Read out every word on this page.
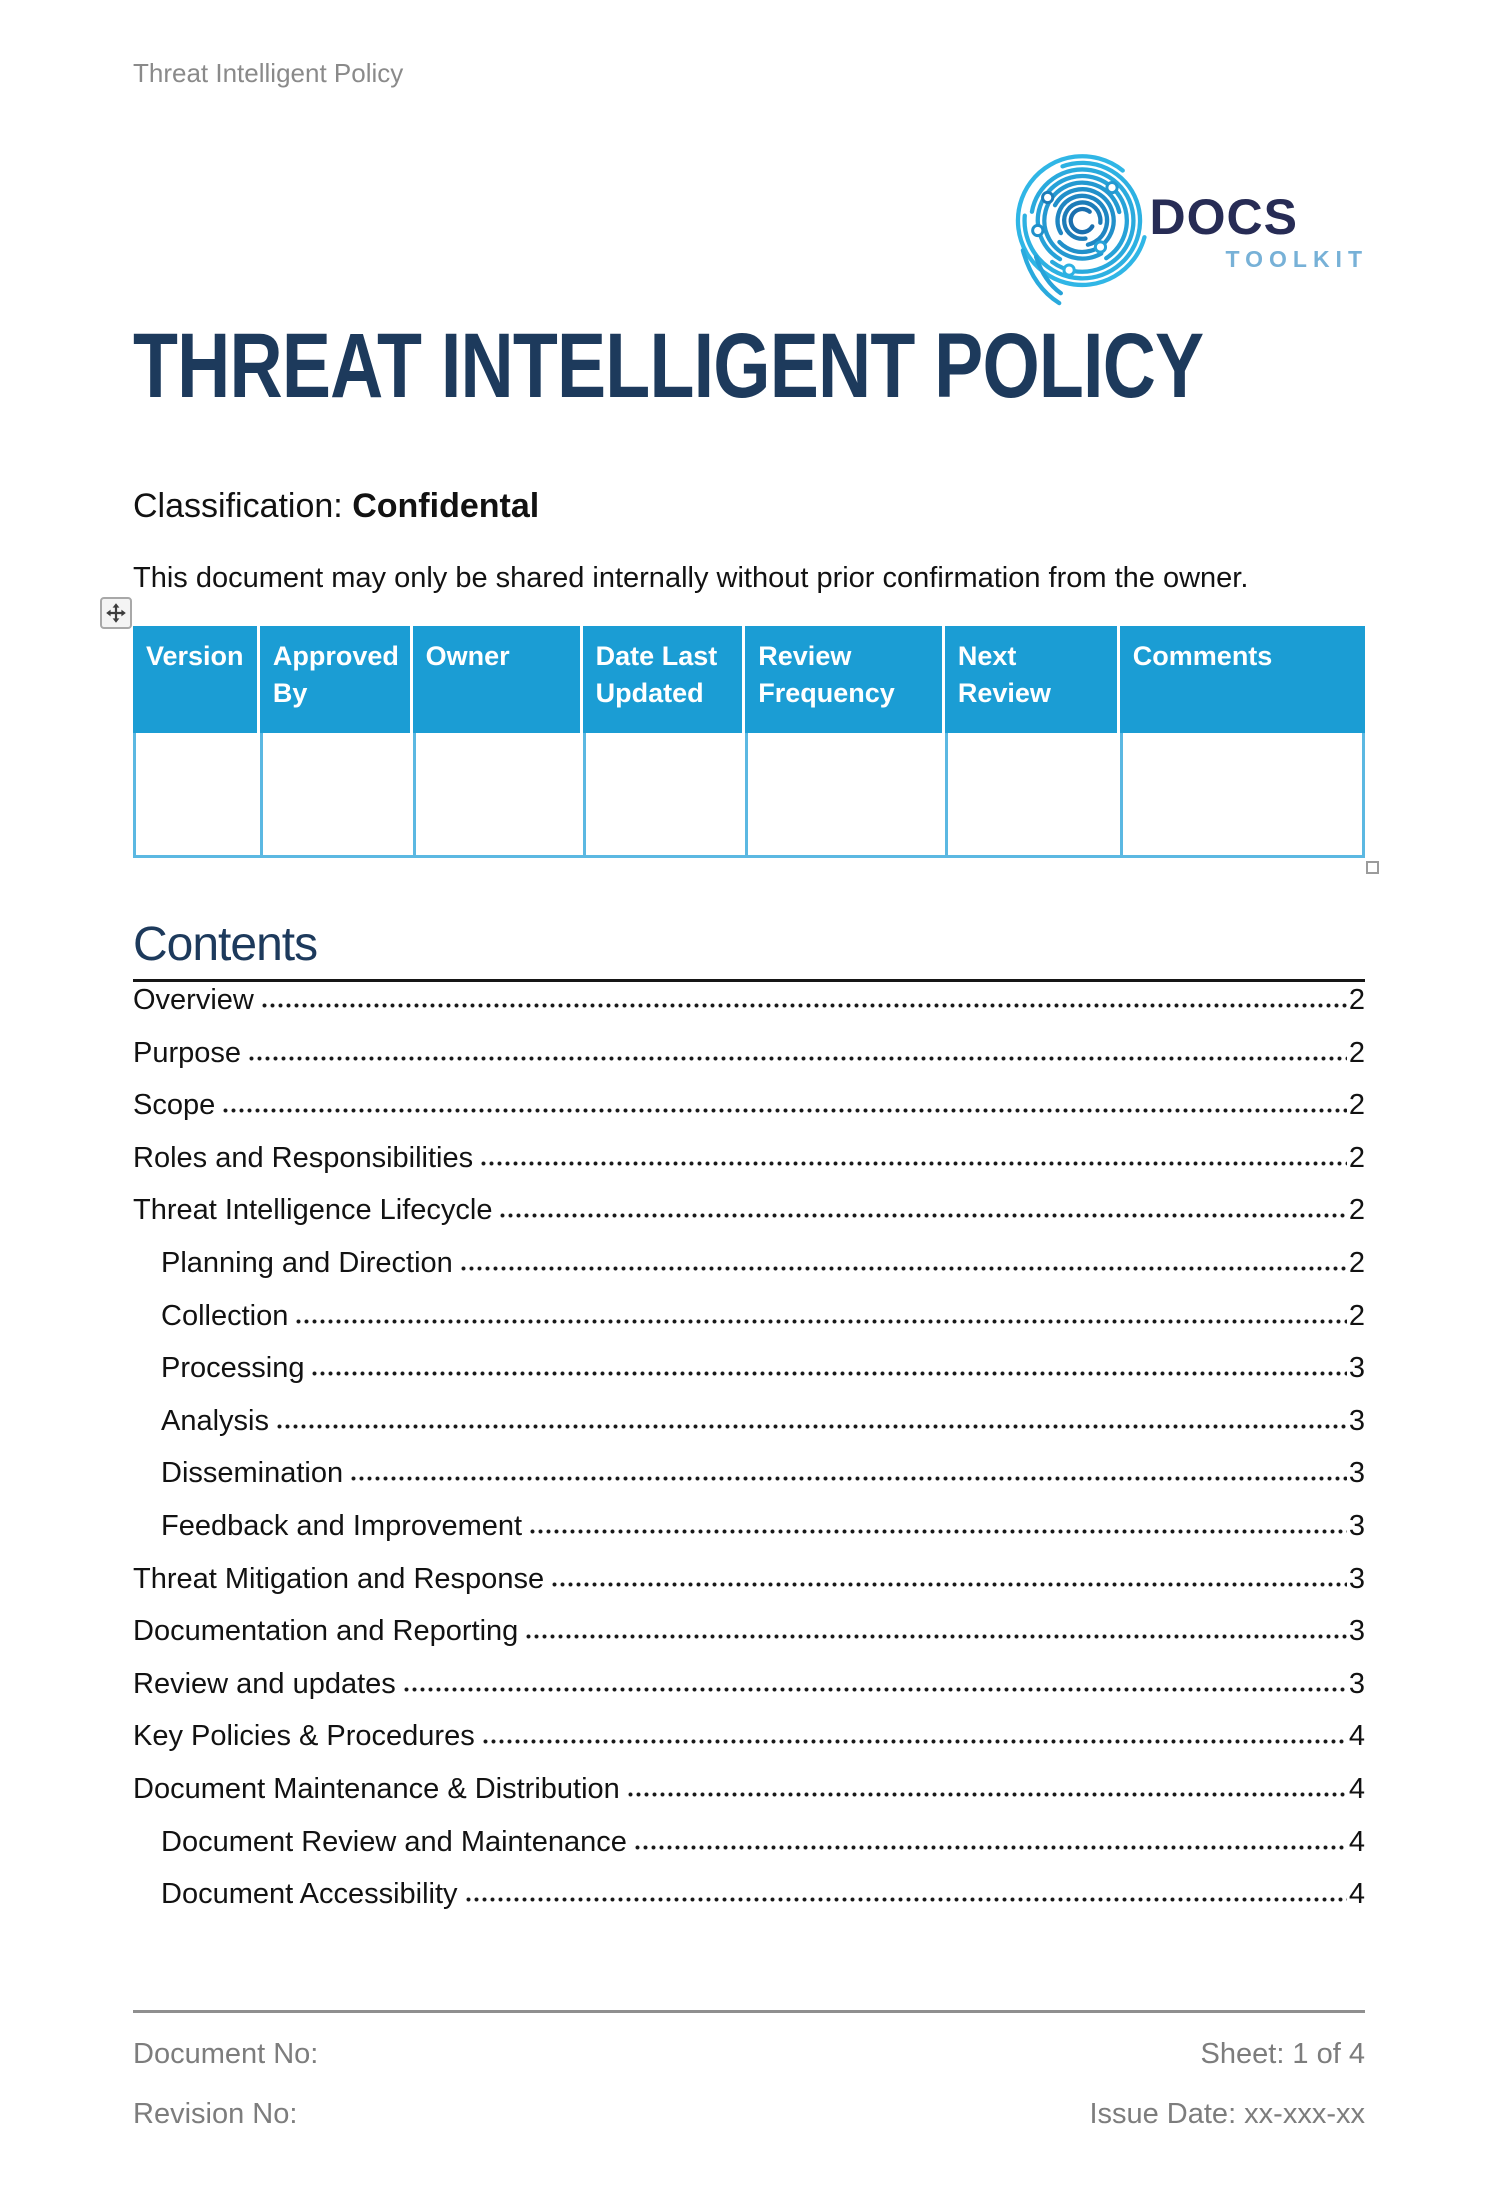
Threat Intelligent Policy
DOCS
TOOLKIT
THREAT INTELLIGENT POLICY

Classification: Confidental

This document may only be shared internally without prior confirmation from the owner.

Version	Approved By	Owner	Date Last Updated	Review Frequency	Next Review	Comments

Contents
Overview	2
Purpose	2
Scope	2
Roles and Responsibilities	2
Threat Intelligence Lifecycle	2
Planning and Direction	2
Collection	2
Processing	3
Analysis	3
Dissemination	3
Feedback and Improvement	3
Threat Mitigation and Response	3
Documentation and Reporting	3
Review and updates	3
Key Policies & Procedures	4
Document Maintenance & Distribution	4
Document Review and Maintenance	4
Document Accessibility	4
Document No:	Sheet: 1 of 4
Revision No:	Issue Date: xx-xxx-xx
